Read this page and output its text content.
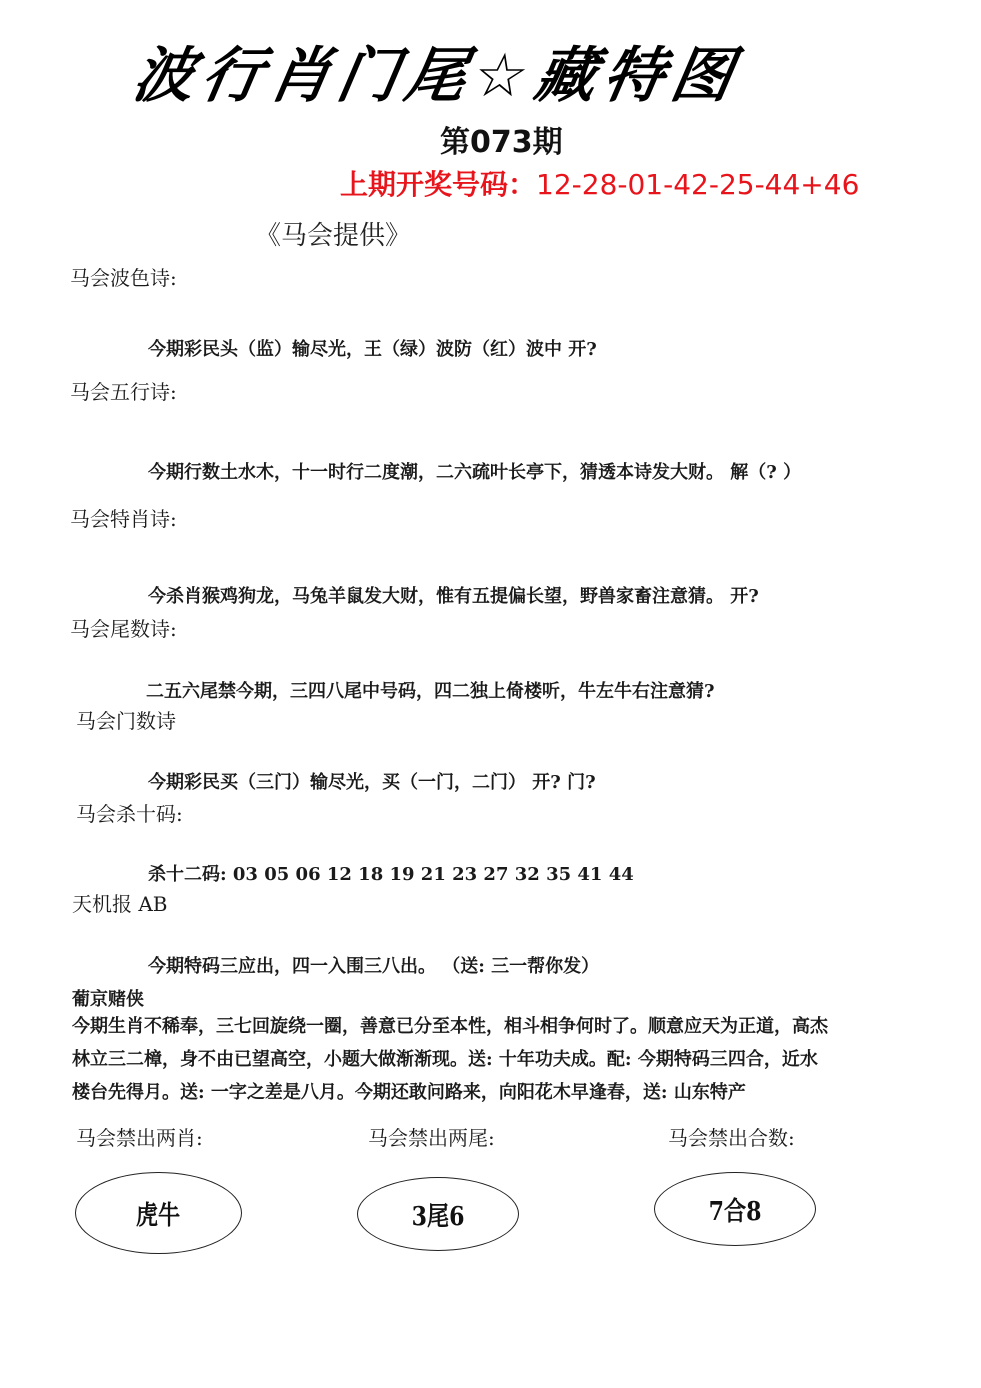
波行肖门尾☆藏特图
第073期
上期开奖号码：12-28-01-42-25-44+46
《马会提供》
马会波色诗:
今期彩民头（监）输尽光，王（绿）波防（红）波中 开?
马会五行诗:
今期行数土水木，十一时行二度潮，二六疏叶长亭下，猜透本诗发大财。 解（? ）
马会特肖诗:
今杀肖猴鸡狗龙，马兔羊鼠发大财，惟有五提偏长望，野兽家畜注意猜。 开?
马会尾数诗:
二五六尾禁今期，三四八尾中号码，四二独上倚楼听，牛左牛右注意猜?
马会门数诗
今期彩民买（三门）输尽光，买（一门，二门） 开? 门?
马会杀十码:
杀十二码: 03 05 06 12 18 19 21 23 27 32 35 41 44
天机报 AB
今期特码三应出，四一入围三八出。 （送: 三一帮你发）
葡京赌侠
今期生肖不稀奉，三七回旋绕一圈，善意已分至本性，相斗相争何时了。顺意应天为正道，高杰
林立三二樟，身不由已望高空，小题大做渐渐现。送: 十年功夫成。配: 今期特码三四合，近水
楼台先得月。送: 一字之差是八月。今期还敢问路来，向阳花木早逢春，送: 山东特产
马会禁出两肖:	马会禁出两尾:	马会禁出合数:
虎牛	3尾6	7合8
